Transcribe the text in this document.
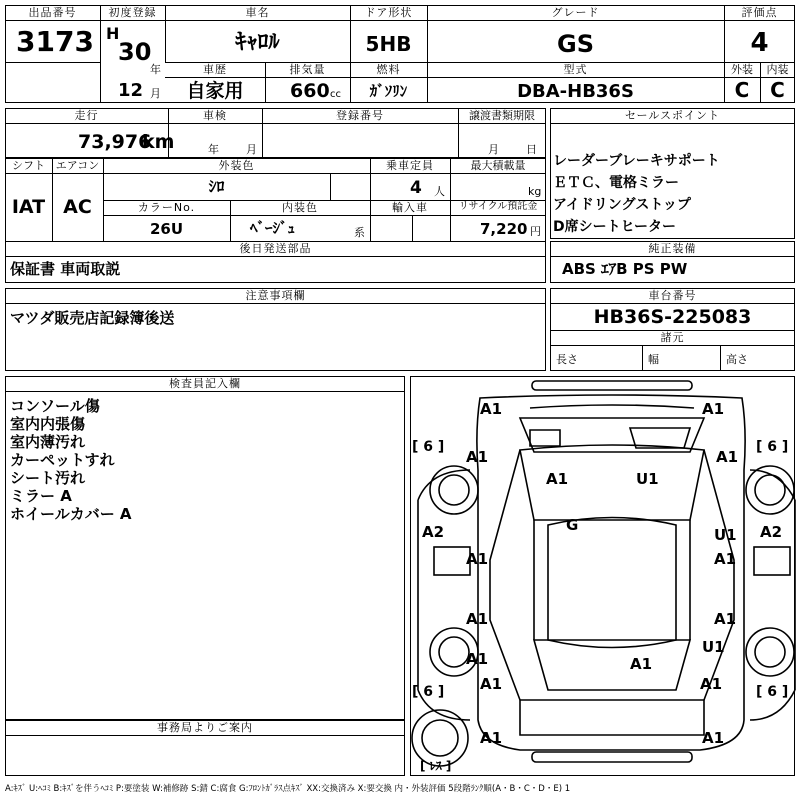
出品番号
3173
初度登録
H
30
年
12 月
車名
ｷｬﾛﾙ
ドア形状
5HB
グレード
GS
評価点
4
車歴
自家用
排気量
660 cc
燃料
ｶﾞｿﾘﾝ
型式
DBA-HB36S
外装
C
内装
C
走行
73,976
km
車検
年 月
登録番号	譲渡書類期限
月 日
セールスポイント
レーダーブレーキサポート
ＥＴＣ、電格ミラー
アイドリングストップ
D席シートヒーター
シフト
IAT
エアコン
AC
外装色
ｼﾛ
乗車定員
4 人
最大積載量
kg
カラーNo.
26U
内装色
ﾍﾞｰｼﾞｭ	系
輸入車	リサイクル預託金
7,220 円
後日発送部品
保証書 車両取説
純正装備
ABS ｴｱB PS PW
注意事項欄
マツダ販売店記録簿後送
車台番号
HB36S-225083
諸元
長さ	幅	高さ
検査員記入欄
コンソール傷
室内内張傷
室内薄汚れ
カーペットすれ
シート汚れ
ミラー A
ホイールカバー A
事務局よりご案内
A1	A1
A1	A1
A1	U1
G
A2	A2
A1
U1
A1
A1	A1
U1
A1
A1	A1
A1	A1
A1
[ 6 ]	[ 6 ]
[ 6 ]	[ 6 ]
[ ﾚｽ ]
A:ｷｽﾞ U:ﾍｺﾐ B:ｷｽﾞを伴うﾍｺﾐ P:要塗装 W:補修跡 S:錆 C:腐食 G:ﾌﾛﾝﾄｶﾞﾗｽ点ｷｽﾞ XX:交換済み X:要交換 内・外装評価 5段階ﾗﾝｸ順(A・B・C・D・E) 1
